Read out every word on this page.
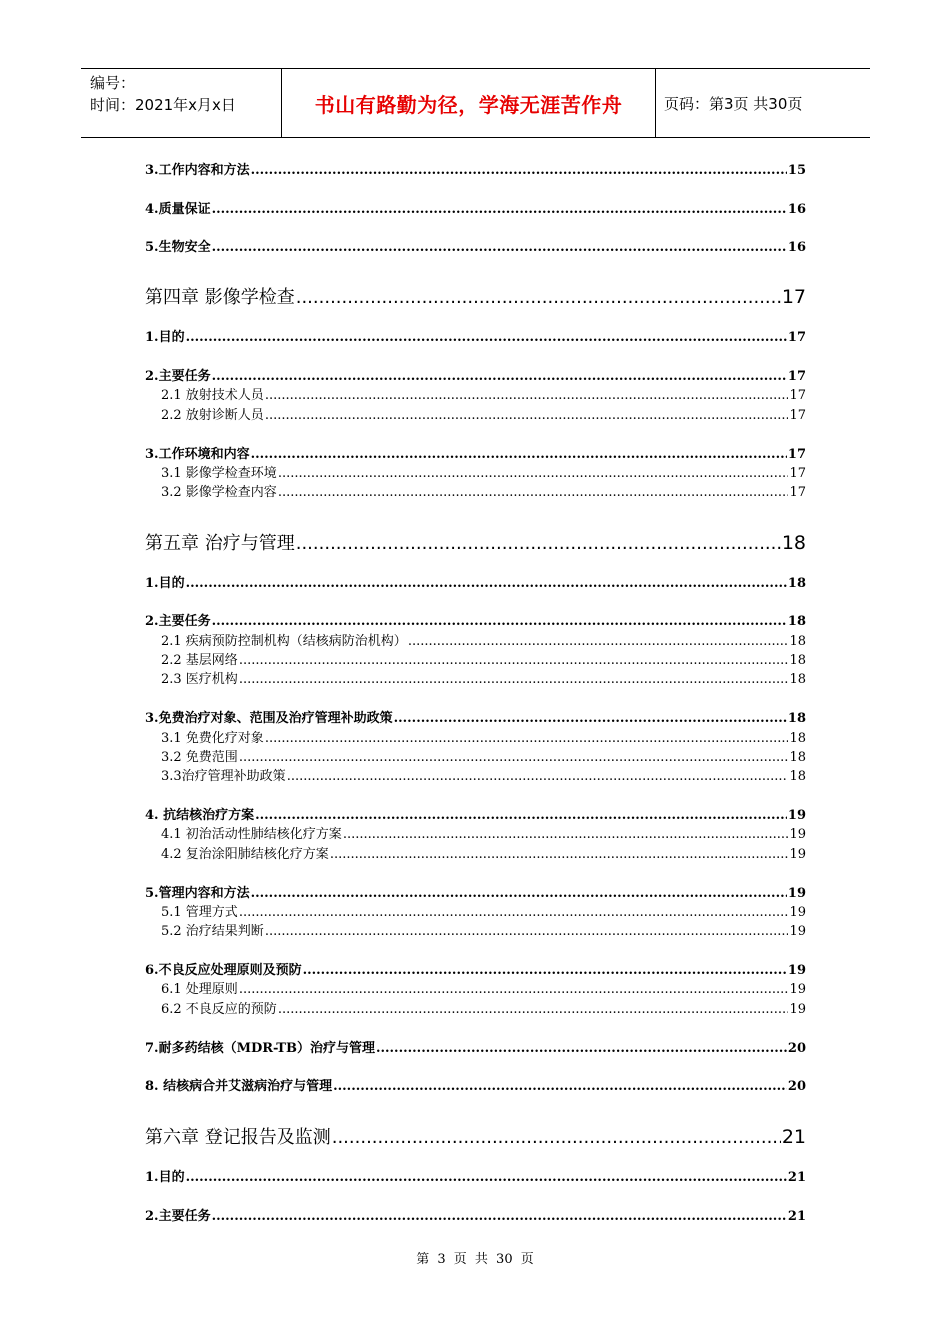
编号：
时间：2021年x月x日	书山有路勤为径，学海无涯苦作舟	页码：第3页 共30页
3.工作内容和方法 .....	15
4.质量保证 .....	16
5.生物安全 .....	16
第四章 影像学检查 .....	17
1.目的 .....	17
2.主要任务 .....	17
2.1 放射技术人员 .....	17
2.2 放射诊断人员 .....	17
3.工作环境和内容 .....	17
3.1 影像学检查环境 .....	17
3.2 影像学检查内容 .....	17
第五章 治疗与管理 .....	18
1.目的 .....	18
2.主要任务 .....	18
2.1 疾病预防控制机构（结核病防治机构） .....	18
2.2 基层网络 .....	18
2.3 医疗机构 .....	18
3.免费治疗对象、范围及治疗管理补助政策 .....	18
3.1 免费化疗对象 .....	18
3.2 免费范围 .....	18
3.3治疗管理补助政策 .....	18
4. 抗结核治疗方案 .....	19
4.1 初治活动性肺结核化疗方案 .....	19
4.2 复治涂阳肺结核化疗方案 .....	19
5.管理内容和方法 .....	19
5.1 管理方式 .....	19
5.2 治疗结果判断 .....	19
6.不良反应处理原则及预防 .....	19
6.1 处理原则 .....	19
6.2 不良反应的预防 .....	19
7.耐多药结核（MDR-TB）治疗与管理 .....	20
8. 结核病合并艾滋病治疗与管理 .....	20
第六章 登记报告及监测 .....	21
1.目的 .....	21
2.主要任务 .....	21
第 3 页 共 30 页
